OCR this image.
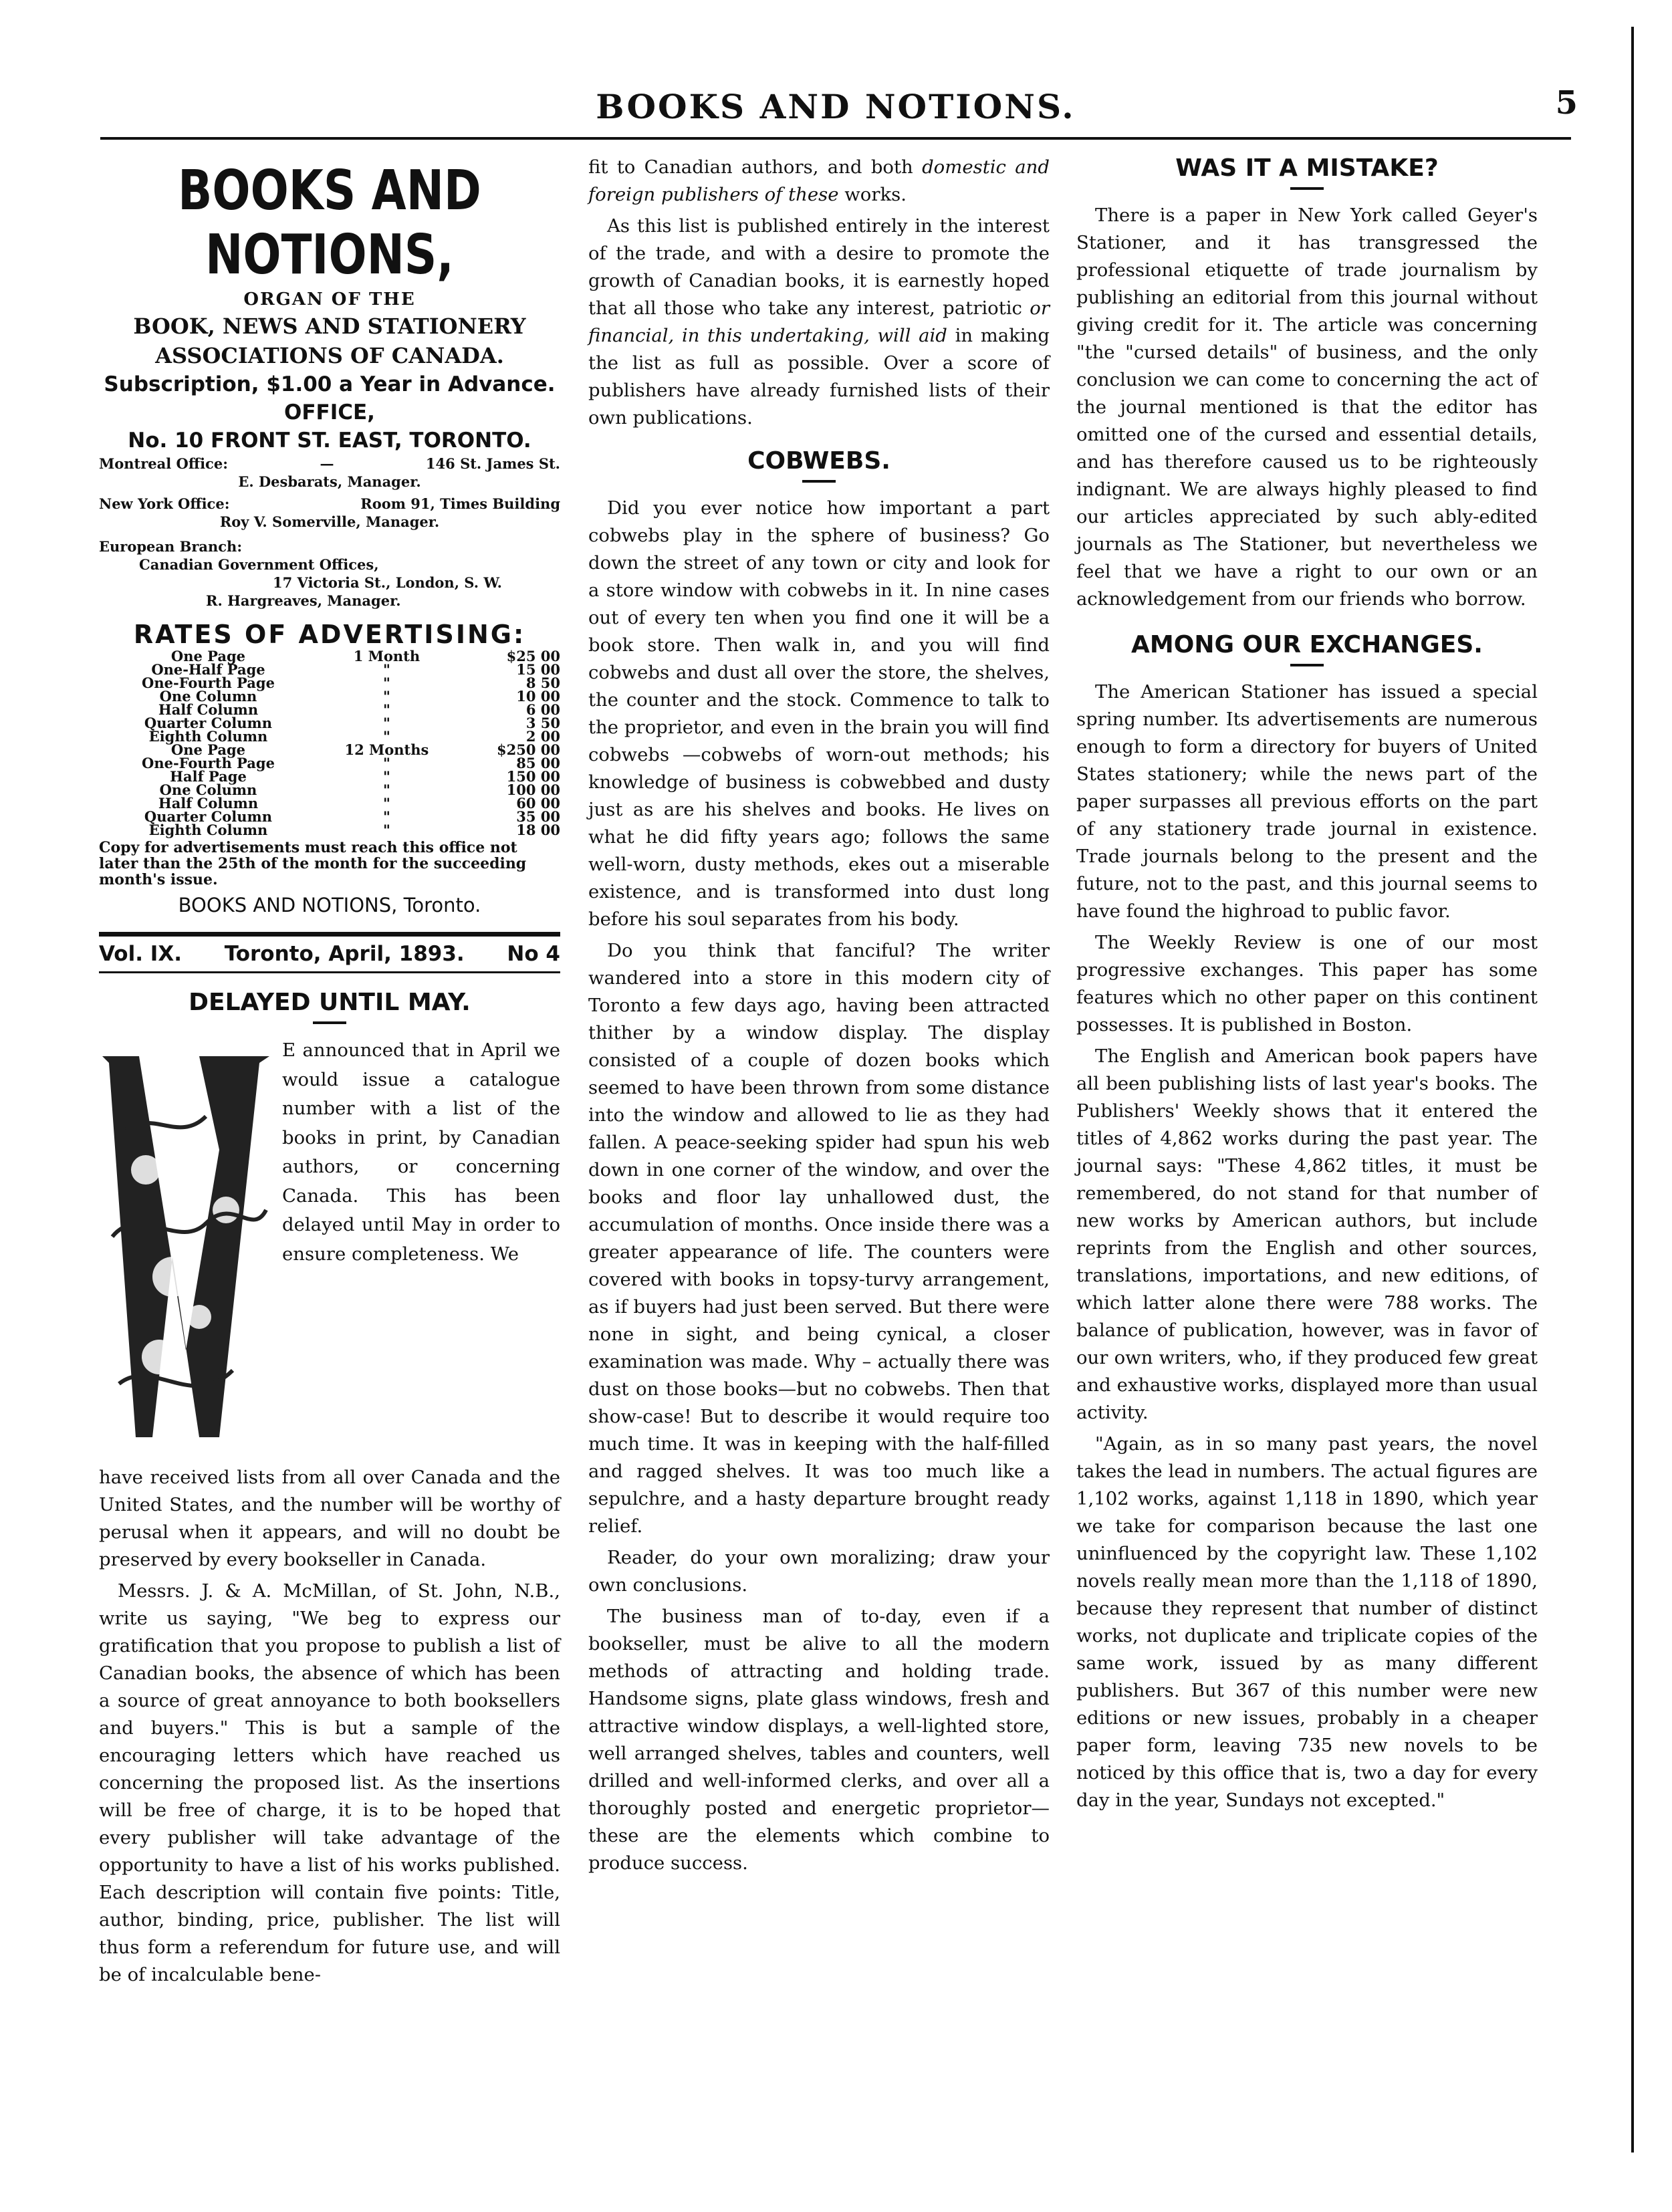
BOOKS AND NOTIONS.	5
BOOKS AND NOTIONS,
ORGAN OF THE
BOOK, NEWS AND STATIONERY
ASSOCIATIONS OF CANADA.
Subscription, $1.00 a Year in Advance.
OFFICE,
No. 10 FRONT ST. EAST, TORONTO.
Montreal Office:	—	146 St. James St.
E. Desbarats, Manager.
New York Office:	Room 91, Times Building
Roy V. Somerville, Manager.
European Branch:
Canadian Government Offices,
17 Victoria St., London, S. W.
R. Hargreaves, Manager.
RATES OF ADVERTISING:
One Page	1 Month	$25 00
One-Half Page	"	15 00
One-Fourth Page	"	8 50
One Column	"	10 00
Half Column	"	6 00
Quarter Column	"	3 50
Eighth Column	"	2 00
One Page	12 Months	$250 00
One-Fourth Page	"	85 00
Half Page	"	150 00
One Column	"	100 00
Half Column	"	60 00
Quarter Column	"	35 00
Eighth Column	"	18 00
Copy for advertisements must reach this office not later than the 25th of the month for the succeeding month's issue.
BOOKS AND NOTIONS, Toronto.
Vol. IX. Toronto, April, 1893. No 4
DELAYED UNTIL MAY.

E announced that in April we would issue a catalogue number with a list of the books in print, by Canadian authors, or concerning Canada. This has been delayed until May in order to ensure completeness. We

have received lists from all over Canada and the United States, and the number will be worthy of perusal when it appears, and will no doubt be preserved by every bookseller in Canada.

Messrs. J. & A. McMillan, of St. John, N.B., write us saying, "We beg to express our gratification that you propose to publish a list of Canadian books, the absence of which has been a source of great annoyance to both booksellers and buyers." This is but a sample of the encouraging letters which have reached us concerning the proposed list. As the insertions will be free of charge, it is to be hoped that every publisher will take advantage of the opportunity to have a list of his works published. Each description will contain five points: Title, author, binding, price, publisher. The list will thus form a referendum for future use, and will be of incalculable bene-

fit to Canadian authors, and both domestic and foreign publishers of these works.

As this list is published entirely in the interest of the trade, and with a desire to promote the growth of Canadian books, it is earnestly hoped that all those who take any interest, patriotic or financial, in this undertaking, will aid in making the list as full as possible. Over a score of publishers have already furnished lists of their own publications.

COBWEBS.

Did you ever notice how important a part cobwebs play in the sphere of business? Go down the street of any town or city and look for a store window with cobwebs in it. In nine cases out of every ten when you find one it will be a book store. Then walk in, and you will find cobwebs and dust all over the store, the shelves, the counter and the stock. Commence to talk to the proprietor, and even in the brain you will find cobwebs —cobwebs of worn-out methods; his knowledge of business is cobwebbed and dusty just as are his shelves and books. He lives on what he did fifty years ago; follows the same well-worn, dusty methods, ekes out a miserable existence, and is transformed into dust long before his soul separates from his body.

Do you think that fanciful? The writer wandered into a store in this modern city of Toronto a few days ago, having been attracted thither by a window display. The display consisted of a couple of dozen books which seemed to have been thrown from some distance into the window and allowed to lie as they had fallen. A peace-seeking spider had spun his web down in one corner of the window, and over the books and floor lay unhallowed dust, the accumulation of months. Once inside there was a greater appearance of life. The counters were covered with books in topsy-turvy arrangement, as if buyers had just been served. But there were none in sight, and being cynical, a closer examination was made. Why – actually there was dust on those books—but no cobwebs. Then that show-case! But to describe it would require too much time. It was in keeping with the half-filled and ragged shelves. It was too much like a sepulchre, and a hasty departure brought ready relief.

Reader, do your own moralizing; draw your own conclusions.

The business man of to-day, even if a bookseller, must be alive to all the modern methods of attracting and holding trade. Handsome signs, plate glass windows, fresh and attractive window displays, a well-lighted store, well arranged shelves, tables and counters, well drilled and well-informed clerks, and over all a thoroughly posted and energetic proprietor—these are the elements which combine to produce success.

WAS IT A MISTAKE?

There is a paper in New York called Geyer's Stationer, and it has transgressed the professional etiquette of trade journalism by publishing an editorial from this journal without giving credit for it. The article was concerning "the "cursed details" of business, and the only conclusion we can come to concerning the act of the journal mentioned is that the editor has omitted one of the cursed and essential details, and has therefore caused us to be righteously indignant. We are always highly pleased to find our articles appreciated by such ably-edited journals as The Stationer, but nevertheless we feel that we have a right to our own or an acknowledgement from our friends who borrow.

AMONG OUR EXCHANGES.

The American Stationer has issued a special spring number. Its advertisements are numerous enough to form a directory for buyers of United States stationery; while the news part of the paper surpasses all previous efforts on the part of any stationery trade journal in existence. Trade journals belong to the present and the future, not to the past, and this journal seems to have found the highroad to public favor.

The Weekly Review is one of our most progressive exchanges. This paper has some features which no other paper on this continent possesses. It is published in Boston.

The English and American book papers have all been publishing lists of last year's books. The Publishers' Weekly shows that it entered the titles of 4,862 works during the past year. The journal says: "These 4,862 titles, it must be remembered, do not stand for that number of new works by American authors, but include reprints from the English and other sources, translations, importations, and new editions, of which latter alone there were 788 works. The balance of publication, however, was in favor of our own writers, who, if they produced few great and exhaustive works, displayed more than usual activity.

"Again, as in so many past years, the novel takes the lead in numbers. The actual figures are 1,102 works, against 1,118 in 1890, which year we take for comparison because the last one uninfluenced by the copyright law. These 1,102 novels really mean more than the 1,118 of 1890, because they represent that number of distinct works, not duplicate and triplicate copies of the same work, issued by as many different publishers. But 367 of this number were new editions or new issues, probably in a cheaper paper form, leaving 735 new novels to be noticed by this office that is, two a day for every day in the year, Sundays not excepted."
